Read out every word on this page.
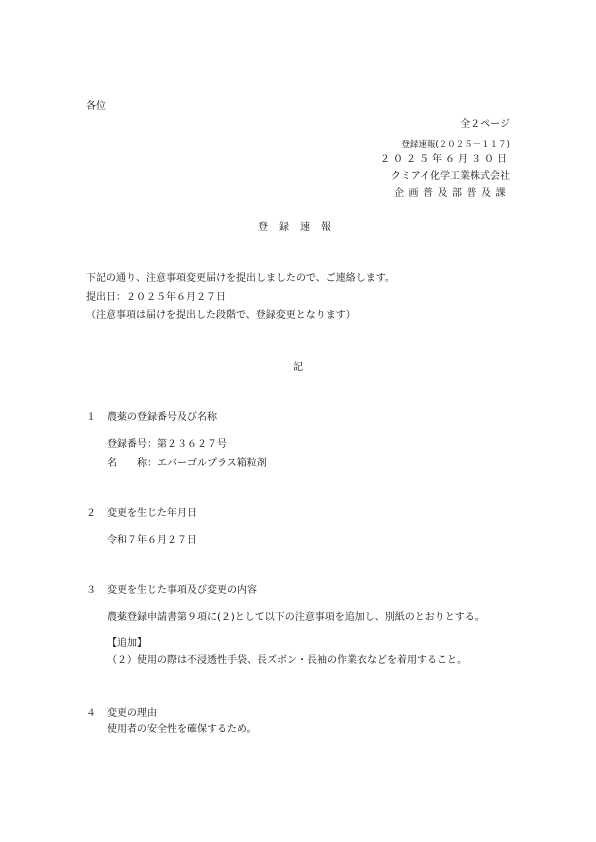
各位
全２ページ
登録速報(２０２５－１１７)
２０２５年６月３０日
クミアイ化学工業株式会社
企画普及部普及課
登録速報
下記の通り、注意事項変更届けを提出しましたので、ご連絡します。
提出日：２０２５年６月２７日
（注意事項は届けを提出した段階で、登録変更となります）
記
１ 農薬の登録番号及び名称
登録番号：第２３６２７号
名　　称：エバーゴルプラス箱粒剤
２ 変更を生じた年月日
令和７年６月２７日
３ 変更を生じた事項及び変更の内容
農薬登録申請書第９項に(２)として以下の注意事項を追加し、別紙のとおりとする。
【追加】
（２）使用の際は不浸透性手袋、長ズボン・長袖の作業衣などを着用すること。
４ 変更の理由
使用者の安全性を確保するため。
